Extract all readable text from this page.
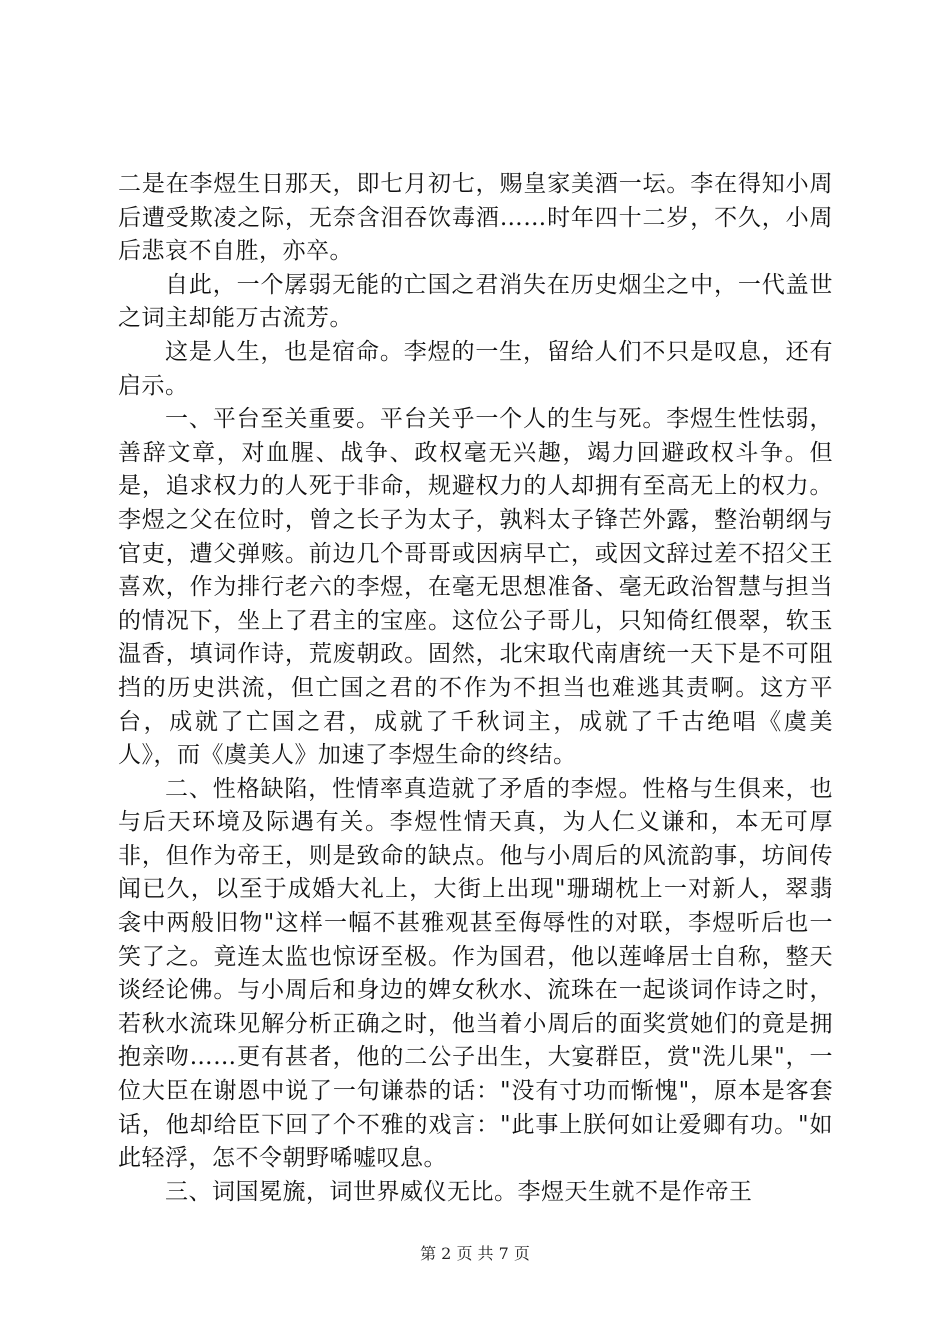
二是在李煜生日那天，即七月初七，赐皇家美酒一坛。李在得知小周后遭受欺凌之际，无奈含泪吞饮毒酒……时年四十二岁，不久，小周后悲哀不自胜，亦卒。

自此，一个孱弱无能的亡国之君消失在历史烟尘之中，一代盖世之词主却能万古流芳。

这是人生，也是宿命。李煜的一生，留给人们不只是叹息，还有启示。

一、平台至关重要。平台关乎一个人的生与死。李煜生性怯弱，善辞文章，对血腥、战争、政权毫无兴趣，竭力回避政权斗争。但是，追求权力的人死于非命，规避权力的人却拥有至高无上的权力。李煜之父在位时，曾之长子为太子，孰料太子锋芒外露，整治朝纲与官吏，遭父弹赅。前边几个哥哥或因病早亡，或因文辞过差不招父王喜欢，作为排行老六的李煜，在毫无思想准备、毫无政治智慧与担当的情况下，坐上了君主的宝座。这位公子哥儿，只知倚红偎翠，软玉温香，填词作诗，荒废朝政。固然，北宋取代南唐统一天下是不可阻挡的历史洪流，但亡国之君的不作为不担当也难逃其责啊。这方平台，成就了亡国之君，成就了千秋词主，成就了千古绝唱《虞美人》，而《虞美人》加速了李煜生命的终结。

二、性格缺陷，性情率真造就了矛盾的李煜。性格与生俱来，也与后天环境及际遇有关。李煜性情天真，为人仁义谦和，本无可厚非，但作为帝王，则是致命的缺点。他与小周后的风流韵事，坊间传闻已久，以至于成婚大礼上，大街上出现"珊瑚枕上一对新人，翠翡衾中两般旧物"这样一幅不甚雅观甚至侮辱性的对联，李煜听后也一笑了之。竟连太监也惊讶至极。作为国君，他以莲峰居士自称，整天谈经论佛。与小周后和身边的婢女秋水、流珠在一起谈词作诗之时，若秋水流珠见解分析正确之时，他当着小周后的面奖赏她们的竟是拥抱亲吻……更有甚者，他的二公子出生，大宴群臣，赏"洗儿果"，一位大臣在谢恩中说了一句谦恭的话："没有寸功而惭愧"，原本是客套话，他却给臣下回了个不雅的戏言："此事上朕何如让爱卿有功。"如此轻浮，怎不令朝野唏嘘叹息。

三、词国冕旒，词世界威仪无比。李煜天生就不是作帝王

第 2 页 共 7 页
